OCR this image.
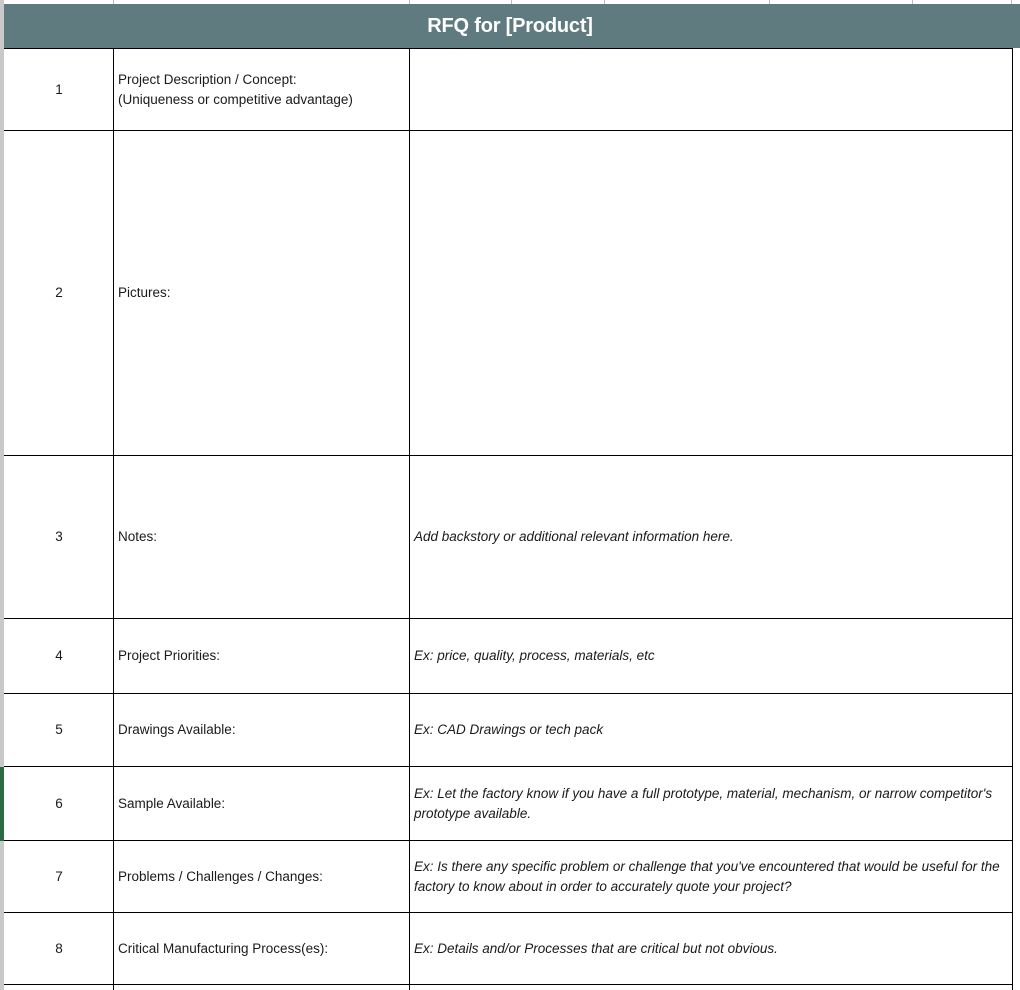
RFQ for [Product]
1	Project Description / Concept:
(Uniqueness or competitive advantage)	

2	Pictures:	
3	Notes:	Add backstory or additional relevant information here.
4	Project Priorities:	Ex: price, quality, process, materials, etc
5	Drawings Available:	Ex: CAD Drawings or tech pack
6	Sample Available:	Ex: Let the factory know if you have a full prototype, material, mechanism, or narrow competitor's prototype available.
7	Problems / Challenges / Changes:	Ex: Is there any specific problem or challenge that you've encountered that would be useful for the factory to know about in order to accurately quote your project?
8	Critical Manufacturing Process(es):	Ex: Details and/or Processes that are critical but not obvious.
